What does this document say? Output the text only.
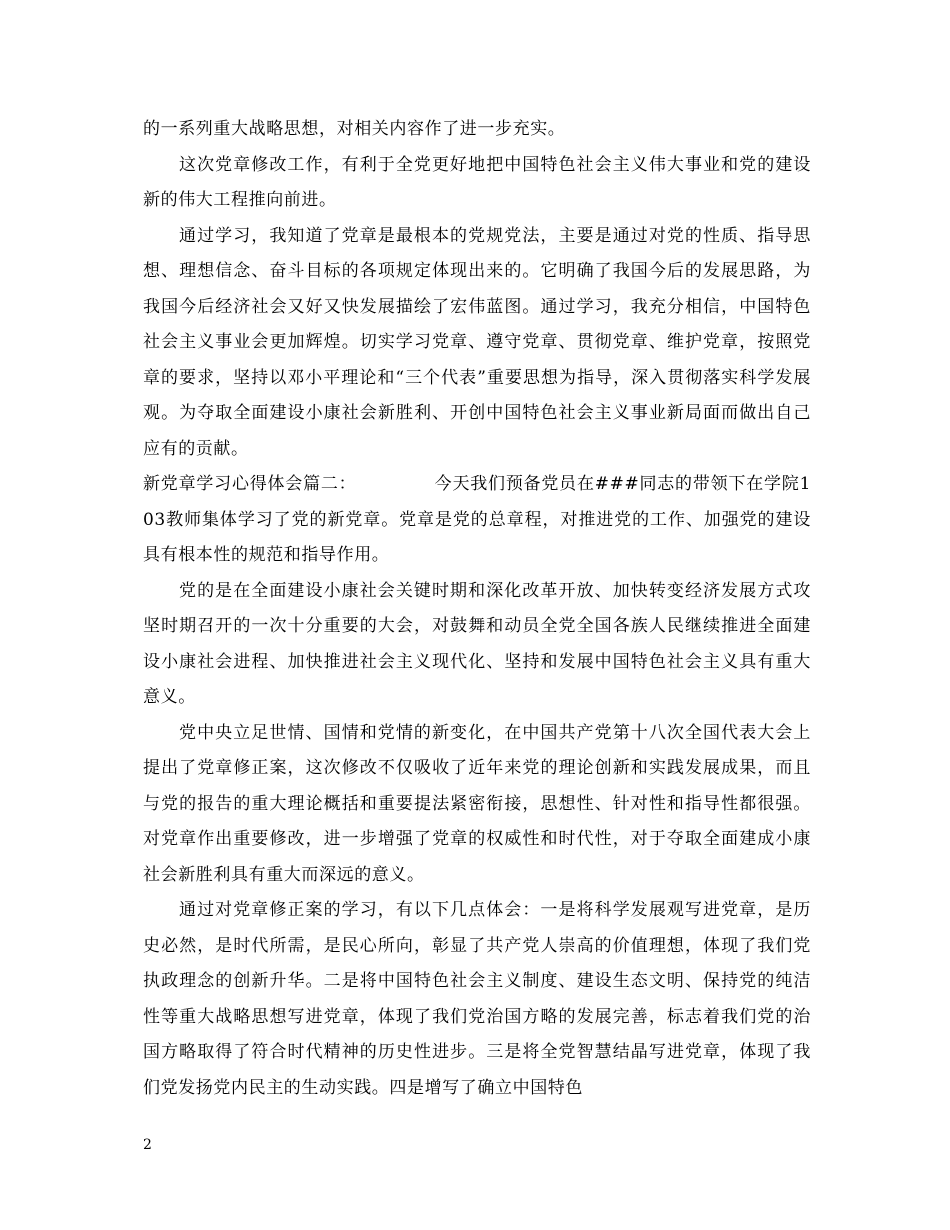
的一系列重大战略思想，对相关内容作了进一步充实。

这次党章修改工作，有利于全党更好地把中国特色社会主义伟大事业和党的建设新的伟大工程推向前进。

通过学习，我知道了党章是最根本的党规党法，主要是通过对党的性质、指导思想、理想信念、奋斗目标的各项规定体现出来的。它明确了我国今后的发展思路，为我国今后经济社会又好又快发展描绘了宏伟蓝图。通过学习，我充分相信，中国特色社会主义事业会更加辉煌。切实学习党章、遵守党章、贯彻党章、维护党章，按照党章的要求，坚持以邓小平理论和“三个代表”重要思想为指导，深入贯彻落实科学发展观。为夺取全面建设小康社会新胜利、开创中国特色社会主义事业新局面而做出自己应有的贡献。

新党章学习心得体会篇二：	今天我们预备党员在###同志的带领下在学院103教师集体学习了党的新党章。党章是党的总章程，对推进党的工作、加强党的建设具有根本性的规范和指导作用。

党的是在全面建设小康社会关键时期和深化改革开放、加快转变经济发展方式攻坚时期召开的一次十分重要的大会，对鼓舞和动员全党全国各族人民继续推进全面建设小康社会进程、加快推进社会主义现代化、坚持和发展中国特色社会主义具有重大意义。

党中央立足世情、国情和党情的新变化，在中国共产党第十八次全国代表大会上提出了党章修正案，这次修改不仅吸收了近年来党的理论创新和实践发展成果，而且与党的报告的重大理论概括和重要提法紧密衔接，思想性、针对性和指导性都很强。对党章作出重要修改，进一步增强了党章的权威性和时代性，对于夺取全面建成小康社会新胜利具有重大而深远的意义。

通过对党章修正案的学习，有以下几点体会：一是将科学发展观写进党章，是历史必然，是时代所需，是民心所向，彰显了共产党人崇高的价值理想，体现了我们党执政理念的创新升华。二是将中国特色社会主义制度、建设生态文明、保持党的纯洁性等重大战略思想写进党章，体现了我们党治国方略的发展完善，标志着我们党的治国方略取得了符合时代精神的历史性进步。三是将全党智慧结晶写进党章，体现了我们党发扬党内民主的生动实践。四是增写了确立中国特色

2
